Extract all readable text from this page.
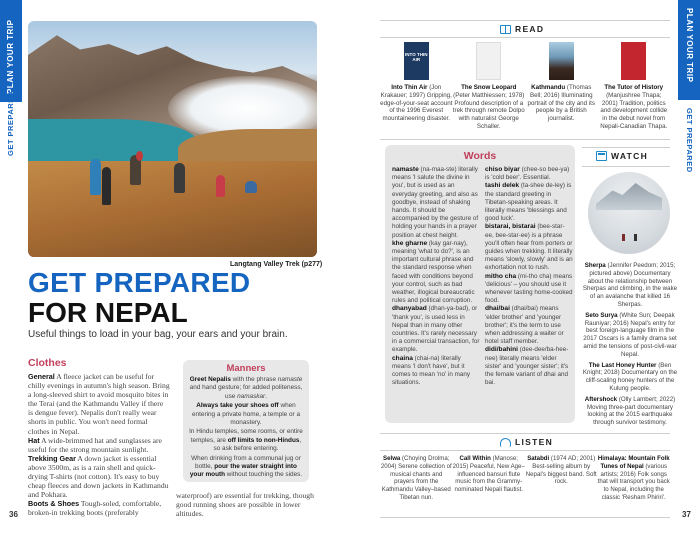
PLAN YOUR TRIP
GET PREPARED
PLAN YOUR TRIP
GET PREPARED
Langtang Valley Trek (p277)
GET PREPARED
FOR NEPAL
Useful things to load in your bag, your ears and your brain.
Clothes
General A fleece jacket can be useful for chilly evenings in autumn's high season. Bring a long-sleeved shirt to avoid mosquito bites in the Terai (and the Kathmandu Valley if there is dengue fever). Nepalis don't really wear shorts in public. You won't need formal clothes in Nepal.
Hat A wide-brimmed hat and sunglasses are useful for the strong mountain sunlight.
Trekking Gear A down jacket is essential above 3500m, as is a rain shell and quick-drying T-shirts (not cotton). It's easy to buy cheap fleeces and down jackets in Kathmandu and Pokhara.
Boots & Shoes Tough-soled, comfortable, broken-in trekking boots (preferably
waterproof) are essential for trekking, though good running shoes are possible in lower altitudes.
Manners

Greet Nepalis with the phrase namaste and hand gesture; for added politeness, use namaskar.

Always take your shoes off when entering a private home, a temple or a monastery.

In Hindu temples, some rooms, or entire temples, are off limits to non-Hindus, so ask before entering.

When drinking from a communal jug or bottle, pour the water straight into your mouth without touching the sides.

READ
INTO THIN AIR
Into Thin Air (Jon Krakauer; 1997) Gripping, edge-of-your-seat account of the 1996 Everest mountaineering disaster.
The Snow Leopard (Peter Matthiessen; 1978) Profound description of a trek through remote Dolpo with naturalist George Schaller.
Kathmandu (Thomas Bell; 2016) Illuminating portrait of the city and its people by a British journalist.
The Tutor of History (Manjushree Thapa; 2001) Tradition, politics and development collide in the debut novel from Nepali-Canadian Thapa.
Words
namaste (na-maa-ste) literally means 'I salute the divine in you', but is used as an everyday greeting, and also as goodbye, instead of shaking hands. It should be accompanied by the gesture of holding your hands in a prayer position at chest height.
khe gharne (kay gar-nay), meaning 'what to do?', is an important cultural phrase and the standard response when faced with conditions beyond your control, such as bad weather, illogical bureaucratic rules and political corruption.
dhanyabad (dhan-ya-bad), or 'thank you', is used less in Nepal than in many other countries. It's rarely necessary in a commercial transaction, for example.
chaina (chai-na) literally means 'I don't have', but it comes to mean 'no' in many situations.
chiso biyar (chee-so bee-ya) is 'cold beer'. Essential.
tashi delek (ta-shee de-ley) is the standard greeting in Tibetan-speaking areas. It literally means 'blessings and good luck'.
bistarai, bistarai (bee-star-ee, bee-star-ee) is a phrase you'll often hear from porters or guides when trekking. It literally means 'slowly, slowly' and is an exhortation not to rush.
mitho cha (mi-tho cha) means 'delicious' – you should use it whenever tasting home-cooked food.
dhai/bai (dhai/bai) means 'elder brother' and 'younger brother'; it's the term to use when addressing a waiter or hotel staff member.
didi/bahini (dee-dee/ba-hee-nee) literally means 'elder sister' and 'younger sister'; it's the female variant of dhai and bai.
WATCH

Sherpa (Jennifer Peedom; 2015; pictured above) Documentary about the relationship between Sherpas and climbing, in the wake of an avalanche that killed 16 Sherpas.

Seto Surya (White Sun; Deepak Rauniyar; 2016) Nepal's entry for best foreign-language film in the 2017 Oscars is a family drama set amid the tensions of post-civil-war Nepal.

The Last Honey Hunter (Ben Knight; 2018) Documentary on the cliff-scaling honey hunters of the Kulung people.

Aftershock (Olly Lambert; 2022) Moving three-part documentary looking at the 2015 earthquake through survivor testimony.

LISTEN
Selwa (Choying Drolma; 2004) Serene collection of musical chants and prayers from the Kathmandu Valley–based Tibetan nun.
Call Within (Manose; 2015) Peaceful, New Age–influenced bansuri flute music from the Grammy-nominated Nepali flautist.
Satabdi (1974 AD; 2001) Best-selling album by Nepal's biggest band. Soft rock.
Himalaya: Mountain Folk Tunes of Nepal (various artists; 2016) Folk songs that will transport you back to Nepal, including the classic 'Resham Phiriri'.
36	37
